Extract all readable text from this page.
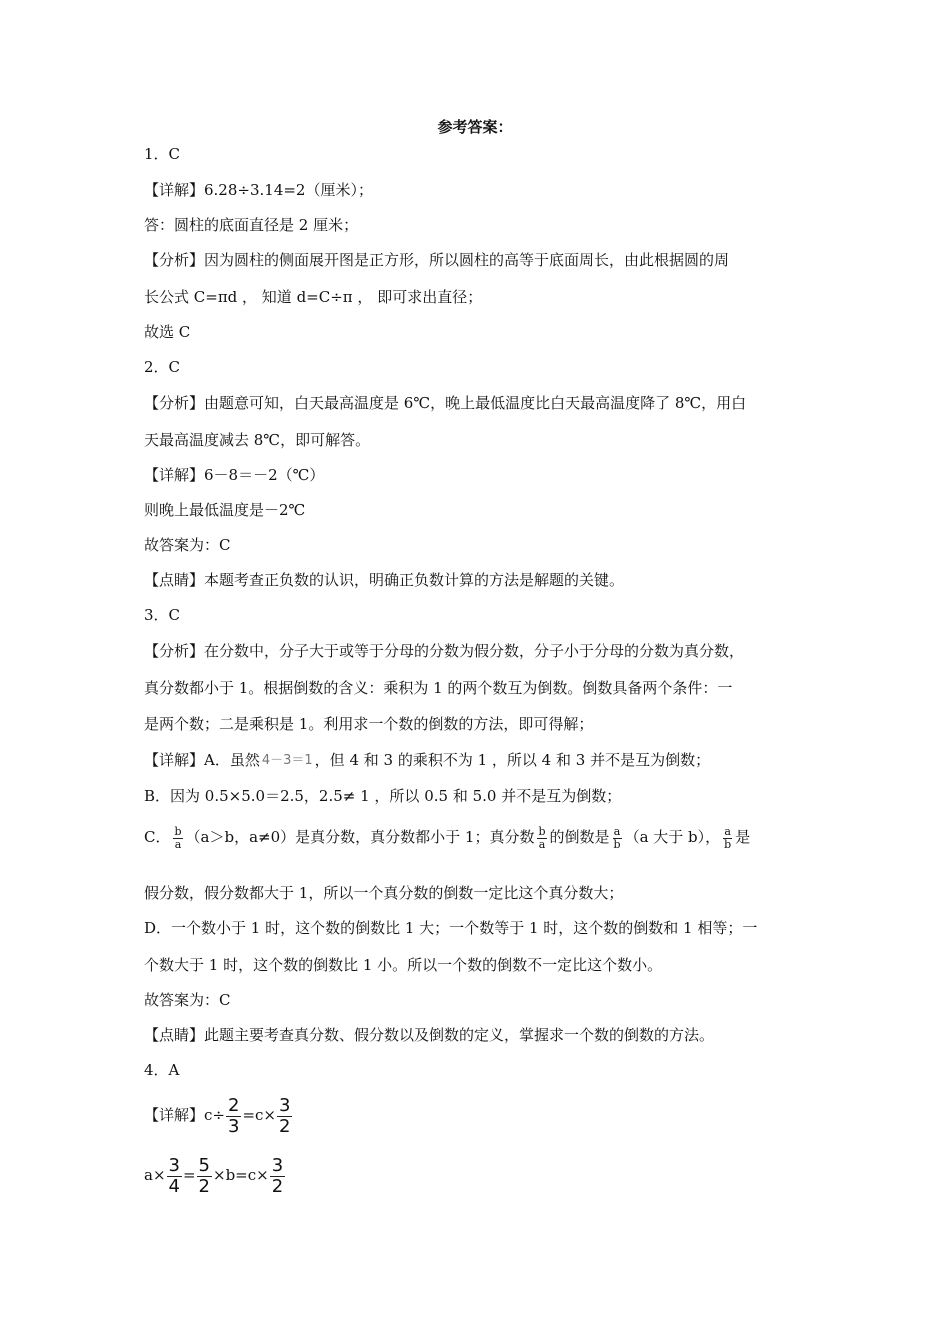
参考答案：
1．C
【详解】6.28÷3.14=2（厘米）；
答：圆柱的底面直径是 2 厘米；
【分析】因为圆柱的侧面展开图是正方形，所以圆柱的高等于底面周长，由此根据圆的周
长公式 C=πd ， 知道 d=C÷π ， 即可求出直径；
故选 C
2．C
【分析】由题意可知，白天最高温度是 6℃，晚上最低温度比白天最高温度降了 8℃，用白
天最高温度减去 8℃，即可解答。
【详解】6－8＝－2（℃）
则晚上最低温度是－2℃
故答案为：C
【点睛】本题考查正负数的认识，明确正负数计算的方法是解题的关键。
3．C
【分析】在分数中，分子大于或等于分母的分数为假分数，分子小于分母的分数为真分数，
真分数都小于 1。根据倒数的含义：乘积为 1 的两个数互为倒数。倒数具备两个条件：一
是两个数；二是乘积是 1。利用求一个数的倒数的方法，即可得解；
【详解】A．虽然 4－3＝1 ，但 4 和 3 的乘积不为 1 ，所以 4 和 3 并不是互为倒数；
B．因为 0.5×5.0＝2.5，2.5≠ 1 ，所以 0.5 和 5.0 并不是互为倒数；
C． $\frac{b}{a} (a>b$，a≠0）是真分数，真分数都小于 1；真分数 $\frac{b}{a}$ 的倒数是 $\frac{a}{b} (a$ 大于 b）， $\frac{a}{b}$ 是
假分数，假分数都大于 1，所以一个真分数的倒数一定比这个真分数大；
D．一个数小于 1 时，这个数的倒数比 1 大；一个数等于 1 时，这个数的倒数和 1 相等；一
个数大于 1 时，这个数的倒数比 1 小。所以一个数的倒数不一定比这个数小。
故答案为：C
【点睛】此题主要考查真分数、假分数以及倒数的定义，掌握求一个数的倒数的方法。
4．A
【详解】$c\div \frac{2}{3} =c\times \frac{3}{2}$
$a\times \frac{3}{4} = \frac{5}{2} \times b=c\times \frac{3}{2}$
